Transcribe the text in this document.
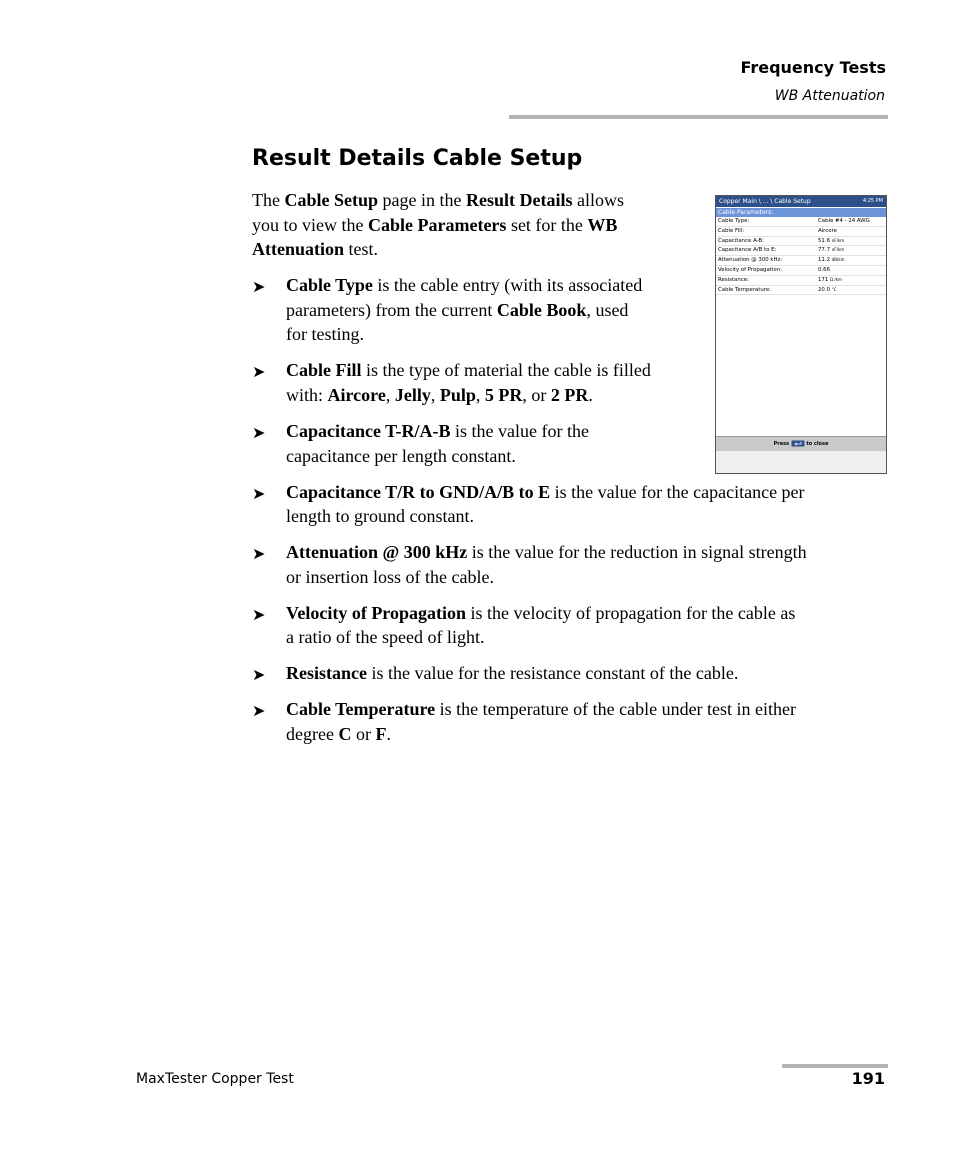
Frequency Tests
WB Attenuation
Result Details Cable Setup

The Cable Setup page in the Result Details allows

you to view the Cable Parameters set for the WB

Attenuation test.

➤ Cable Type is the cable entry (with its associated
parameters) from the current Cable Book, used
for testing.
➤ Cable Fill is the type of material the cable is filled
with: Aircore, Jelly, Pulp, 5 PR, or 2 PR.
➤ Capacitance T-R/A-B is the value for the
capacitance per length constant.
➤ Capacitance T/R to GND/A/B to E is the value for the capacitance per
length to ground constant.
➤ Attenuation @ 300 kHz is the value for the reduction in signal strength
or insertion loss of the cable.
➤ Velocity of Propagation is the velocity of propagation for the cable as
a ratio of the speed of light.
➤ Resistance is the value for the resistance constant of the cable.
➤ Cable Temperature is the temperature of the cable under test in either
degree C or F.
Copper Main \ ... \ Cable Setup	4:25 PM
Cable Parameters:
Cable Type:	Cable #4 - 24 AWG
Cable Fill:	Aircore
Capacitance A-B:	51.6 nF/km
Capacitance A/B to E:	77.7 nF/km
Attenuation @ 300 kHz:	11.2 dB/km
Velocity of Propagation:	0.66
Resistance:	171 Ω /km
Cable Temperature:	20.0 °C
Press	to close
MaxTester Copper Test	191
